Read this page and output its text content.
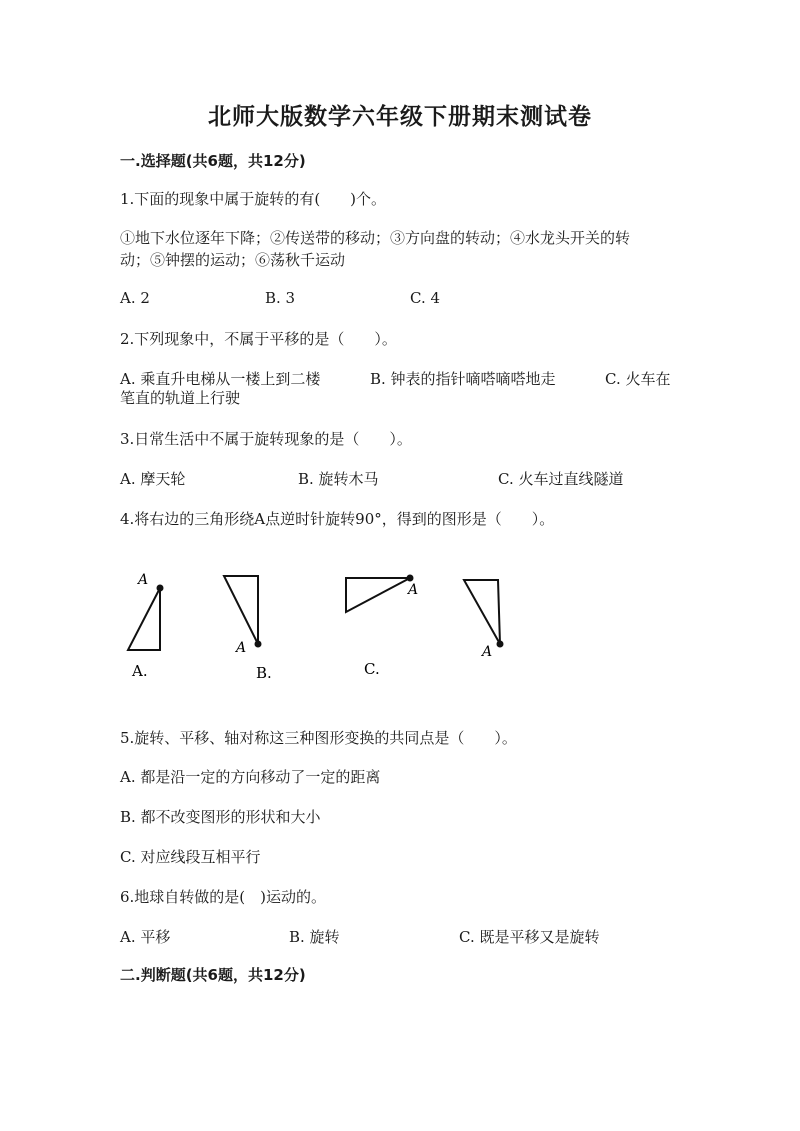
北师大版数学六年级下册期末测试卷
一.选择题(共6题，共12分)
1.下面的现象中属于旋转的有(　　)个。
①地下水位逐年下降；②传送带的移动；③方向盘的转动；④水龙头开关的转
动；⑤钟摆的运动；⑥荡秋千运动
A. 2	B. 3	C. 4
2.下列现象中，不属于平移的是（　　）。
A. 乘直升电梯从一楼上到二楼	B. 钟表的指针嘀嗒嘀嗒地走	C. 火车在
笔直的轨道上行驶
3.日常生活中不属于旋转现象的是（　　）。
A. 摩天轮	B. 旋转木马	C. 火车过直线隧道
4.将右边的三角形绕A点逆时针旋转90°，得到的图形是（　　）。
A
A.
A
B.
A
C.
A
5.旋转、平移、轴对称这三种图形变换的共同点是（　　）。
A. 都是沿一定的方向移动了一定的距离
B. 都不改变图形的形状和大小
C. 对应线段互相平行
6.地球自转做的是(　)运动的。
A. 平移	B. 旋转	C. 既是平移又是旋转
二.判断题(共6题，共12分)
